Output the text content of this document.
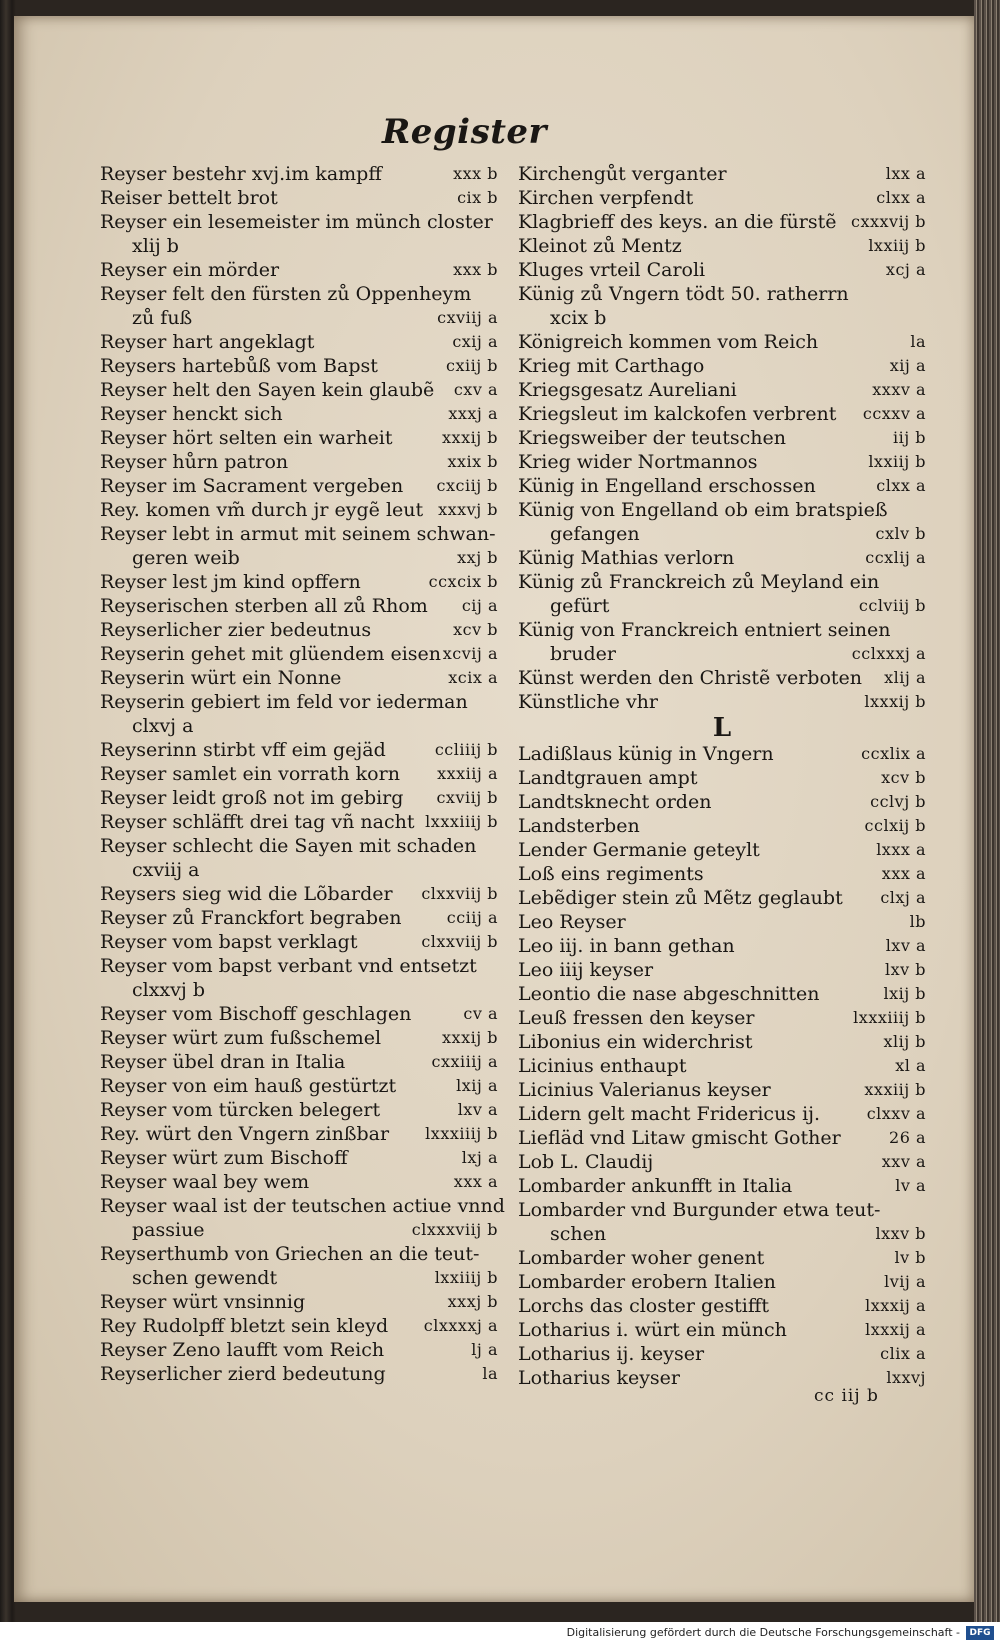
Register
Reyser bestehr xvj.im kampff	xxx b
Reiser bettelt brot	cix b
Reyser ein lesemeister im münch closter
xlij b
Reyser ein mörder	xxx b
Reyser felt den fürsten zů Oppenheym
zů fuß	cxviij a
Reyser hart angeklagt	cxij a
Reysers hartebůß vom Bapst	cxiij b
Reyser helt den Sayen kein glaubẽ cxv a
Reyser henckt sich	xxxj a
Reyser hört selten ein warheit	xxxij b
Reyser hůrn patron	xxix b
Reyser im Sacrament vergeben cxciij b
Rey. komen vm̃ durch jr eygẽ leut xxxvj b
Reyser lebt in armut mit seinem schwan-
geren weib	xxj b
Reyser lest jm kind opffern	ccxcix b
Reyserischen sterben all zů Rhom cij a
Reyserlicher zier bedeutnus	xcv b
Reyserin gehet mit glüendem eisen xcvij a
Reyserin würt ein Nonne	xcix a
Reyserin gebiert im feld vor iederman
clxvj a
Reyserinn stirbt vff eim gejäd	ccliiij b
Reyser samlet ein vorrath korn xxxiij a
Reyser leidt groß not im gebirg cxviij b
Reyser schläfft drei tag vñ nacht lxxxiiij b
Reyser schlecht die Sayen mit schaden
cxviij a
Reysers sieg wid die Lõbarder clxxviij b
Reyser zů Franckfort begraben	cciij a
Reyser vom bapst verklagt	clxxviij b
Reyser vom bapst verbant vnd entsetzt
clxxvj b
Reyser vom Bischoff geschlagen	cv a
Reyser würt zum fußschemel	xxxij b
Reyser übel dran in Italia	cxxiiij a
Reyser von eim hauß gestürtzt	lxij a
Reyser vom türcken belegert	lxv a
Rey. würt den Vngern zinßbar lxxxiiij b
Reyser würt zum Bischoff	lxj a
Reyser waal bey wem	xxx a
Reyser waal ist der teutschen actiue vnnd
passiue	clxxxviij b
Reyserthumb von Griechen an die teut-
schen gewendt	lxxiiij b
Reyser würt vnsinnig	xxxj b
Rey Rudolpff bletzt sein kleyd clxxxxj a
Reyser Zeno laufft vom Reich	lj a
Reyserlicher zierd bedeutung	la
Kirchengůt verganter	lxx a
Kirchen verpfendt	clxx a
Klagbrieff des keys. an die fürstẽ cxxxvij b
Kleinot zů Mentz	lxxiij b
Kluges vrteil Caroli	xcj a
Künig zů Vngern tödt 50. ratherrn
xcix b
Königreich kommen vom Reich	la
Krieg mit Carthago	xij a
Kriegsgesatz Aureliani	xxxv a
Kriegsleut im kalckofen verbrent ccxxv a
Kriegsweiber der teutschen	iij b
Krieg wider Nortmannos	lxxiij b
Künig in Engelland erschossen	clxx a
Künig von Engelland ob eim bratspieß
gefangen	cxlv b
Künig Mathias verlorn	ccxlij a
Künig zů Franckreich zů Meyland ein
gefürt	cclviij b
Künig von Franckreich entniert seinen
bruder	cclxxxj a
Künst werden den Christẽ verboten xlij a
Künstliche vhr	lxxxij b
L
Ladißlaus künig in Vngern	ccxlix a
Landtgrauen ampt	xcv b
Landtsknecht orden	cclvj b
Landsterben	cclxij b
Lender Germanie geteylt	lxxx a
Loß eins regiments	xxx a
Lebẽdiger stein zů Mẽtz geglaubt clxj a
Leo Reyser	lb
Leo iij. in bann gethan	lxv a
Leo iiij keyser	lxv b
Leontio die nase abgeschnitten	lxij b
Leuß fressen den keyser	lxxxiiij b
Libonius ein widerchrist	xlij b
Licinius enthaupt	xl a
Licinius Valerianus keyser	xxxiij b
Lidern gelt macht Fridericus ij.	clxxv a
Liefläd vnd Litaw gmischt Gother	26 a
Lob L. Claudij	xxv a
Lombarder ankunfft in Italia	lv a
Lombarder vnd Burgunder etwa teut-
schen	lxxv b
Lombarder woher genent	lv b
Lombarder erobern Italien	lvij a
Lorchs das closter gestifft	lxxxij a
Lotharius i. würt ein münch	lxxxij a
Lotharius ij. keyser	clix a
Lotharius keyser	lxxvj
cc iij b
Digitalisierung gefördert durch die Deutsche Forschungsgemeinschaft -	DFG
